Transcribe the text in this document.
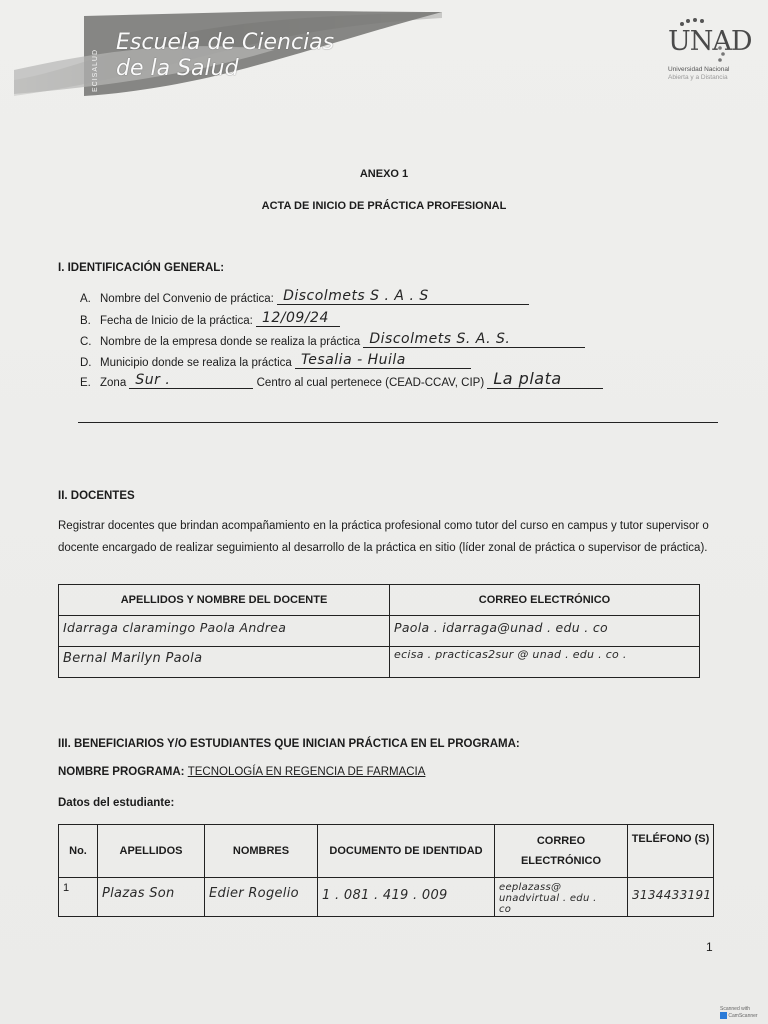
ECISALUD
Escuela de Ciencias
de la Salud
UNAD
Universidad Nacional
Abierta y a Distancia
ANEXO 1
ACTA DE INICIO DE PRÁCTICA PROFESIONAL
I. IDENTIFICACIÓN GENERAL:
A. Nombre del Convenio de práctica: Discolmets S . A . S
B. Fecha de Inicio de la práctica: 12/09/24
C. Nombre de la empresa donde se realiza la práctica Discolmets S. A. S.
D. Municipio donde se realiza la práctica Tesalia - Huila
E. Zona Sur .	Centro al cual pertenece (CEAD-CCAV, CIP) La plata
II. DOCENTES
Registrar docentes que brindan acompañamiento en la práctica profesional como tutor del curso en campus y tutor supervisor o docente encargado de realizar seguimiento al desarrollo de la práctica en sitio (líder zonal de práctica o supervisor de práctica).
APELLIDOS Y NOMBRE DEL DOCENTE	CORREO ELECTRÓNICO

Idarraga claramingo Paola Andrea	Paola . idarraga@unad . edu . co

Bernal Marilyn Paola	ecisa . practicas2sur @ unad . edu . co .
III. BENEFICIARIOS Y/O ESTUDIANTES QUE INICIAN PRÁCTICA EN EL PROGRAMA:
NOMBRE PROGRAMA: TECNOLOGÍA EN REGENCIA DE FARMACIA
Datos del estudiante:
No.	APELLIDOS	NOMBRES	DOCUMENTO DE IDENTIDAD	CORREO ELECTRÓNICO	TELÉFONO (S)

1	Plazas Son	Edier Rogelio	1 . 081 . 419 . 009	eeplazass@ unadvirtual . edu . co	3134433191
1
Scanned with
CamScanner
